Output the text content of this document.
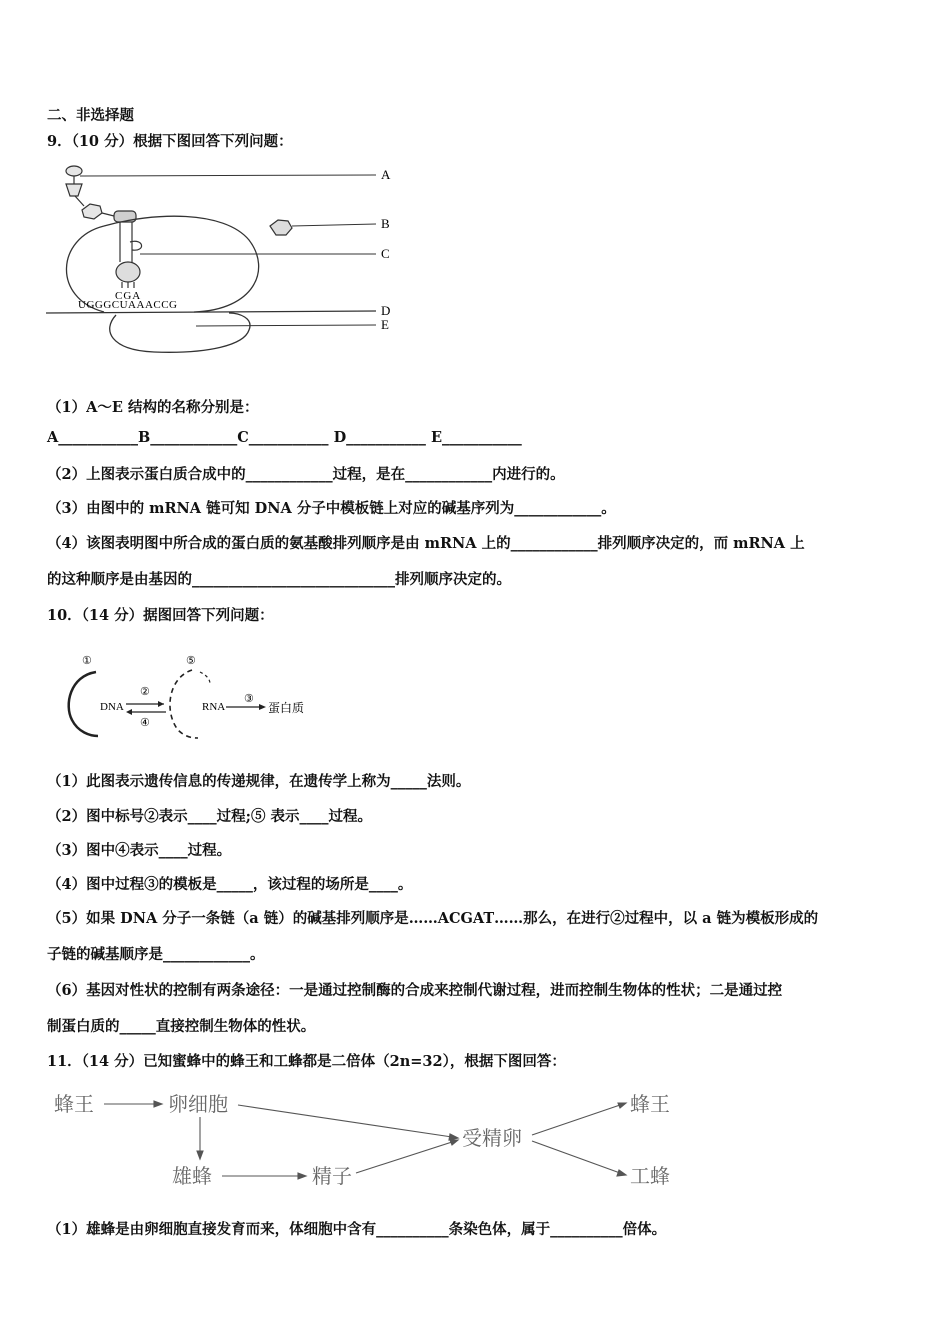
二、非选择题
9．（10 分）根据下图回答下列问题：
A
CGA
C
B
UGGGCUAAACCG	D
E
（1）A～E 结构的名称分别是：
A___________B____________C___________ D___________ E___________
（2）上图表示蛋白质合成中的____________过程，是在____________内进行的。
（3）由图中的 mRNA 链可知 DNA 分子中模板链上对应的碱基序列为____________。
（4）该图表明图中所合成的蛋白质的氨基酸排列顺序是由 mRNA 上的____________排列顺序决定的，而 mRNA 上
的这种顺序是由基因的____________________________排列顺序决定的。
10．（14 分）据图回答下列问题：
①
DNA
②
④
⑤
RNA
③
蛋白质
（1）此图表示遗传信息的传递规律，在遗传学上称为_____法则。
（2）图中标号②表示____过程;⑤ 表示____过程。
（3）图中④表示____过程。
（4）图中过程③的模板是_____，该过程的场所是____。
（5）如果 DNA 分子一条链（a 链）的碱基排列顺序是……ACGAT……那么，在进行②过程中，以 a 链为模板形成的
子链的碱基顺序是____________。
（6）基因对性状的控制有两条途径：一是通过控制酶的合成来控制代谢过程，进而控制生物体的性状；二是通过控
制蛋白质的_____直接控制生物体的性状。
11．（14 分）已知蜜蜂中的蜂王和工蜂都是二倍体（2n=32），根据下图回答：
蜂王	卵细胞
雄蜂	精子
受精卵
蜂王
工蜂
（1）雄蜂是由卵细胞直接发育而来，体细胞中含有__________条染色体，属于__________倍体。
